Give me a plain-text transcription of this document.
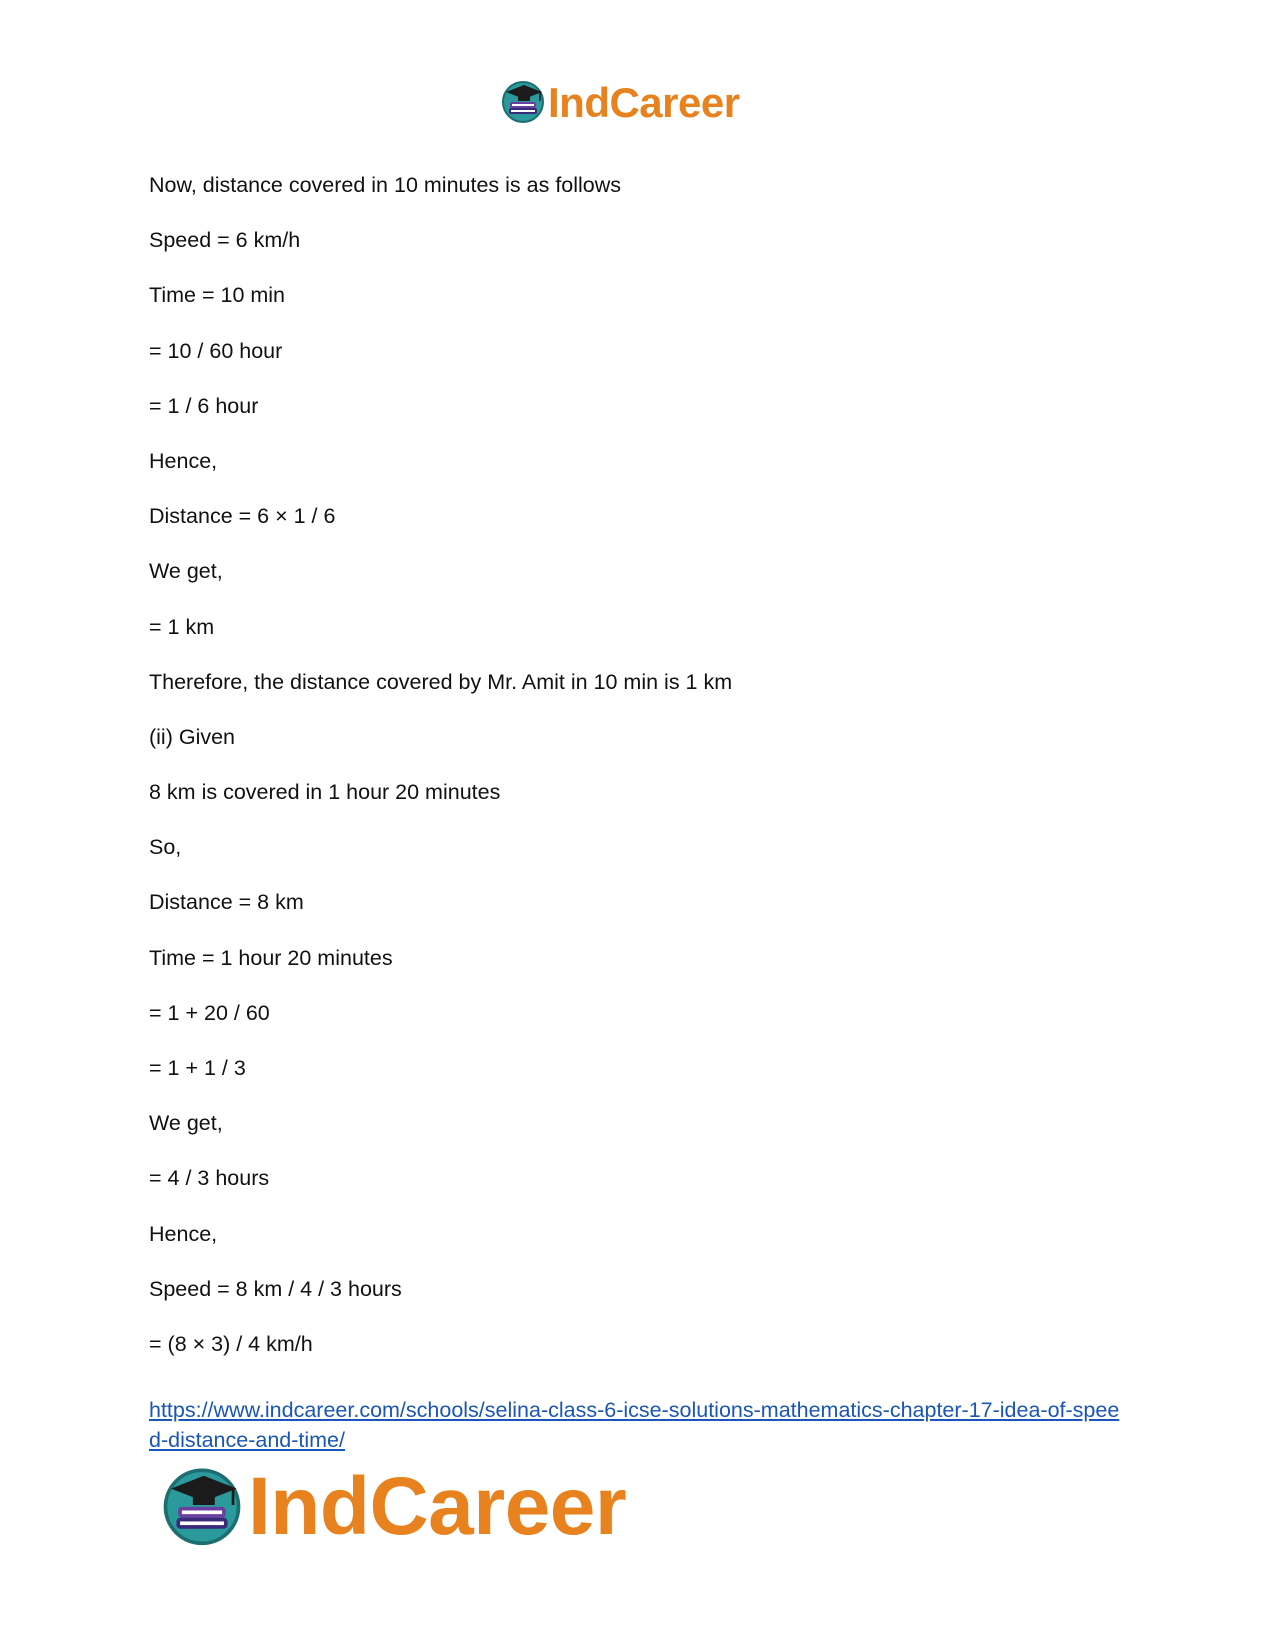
IndCareer
Now, distance covered in 10 minutes is as follows
Speed = 6 km/h
Time = 10 min
= 10 / 60 hour
= 1 / 6 hour
Hence,
Distance = 6 × 1 / 6
We get,
= 1 km
Therefore, the distance covered by Mr. Amit in 10 min is 1 km
(ii) Given
8 km is covered in 1 hour 20 minutes
So,
Distance = 8 km
Time = 1 hour 20 minutes
= 1 + 20 / 60
= 1 + 1 / 3
We get,
= 4 / 3 hours
Hence,
Speed = 8 km / 4 / 3 hours
= (8 × 3) / 4 km/h
https://www.indcareer.com/schools/selina-class-6-icse-solutions-mathematics-chapter-17-idea-of-speed-distance-and-time/
IndCareer
